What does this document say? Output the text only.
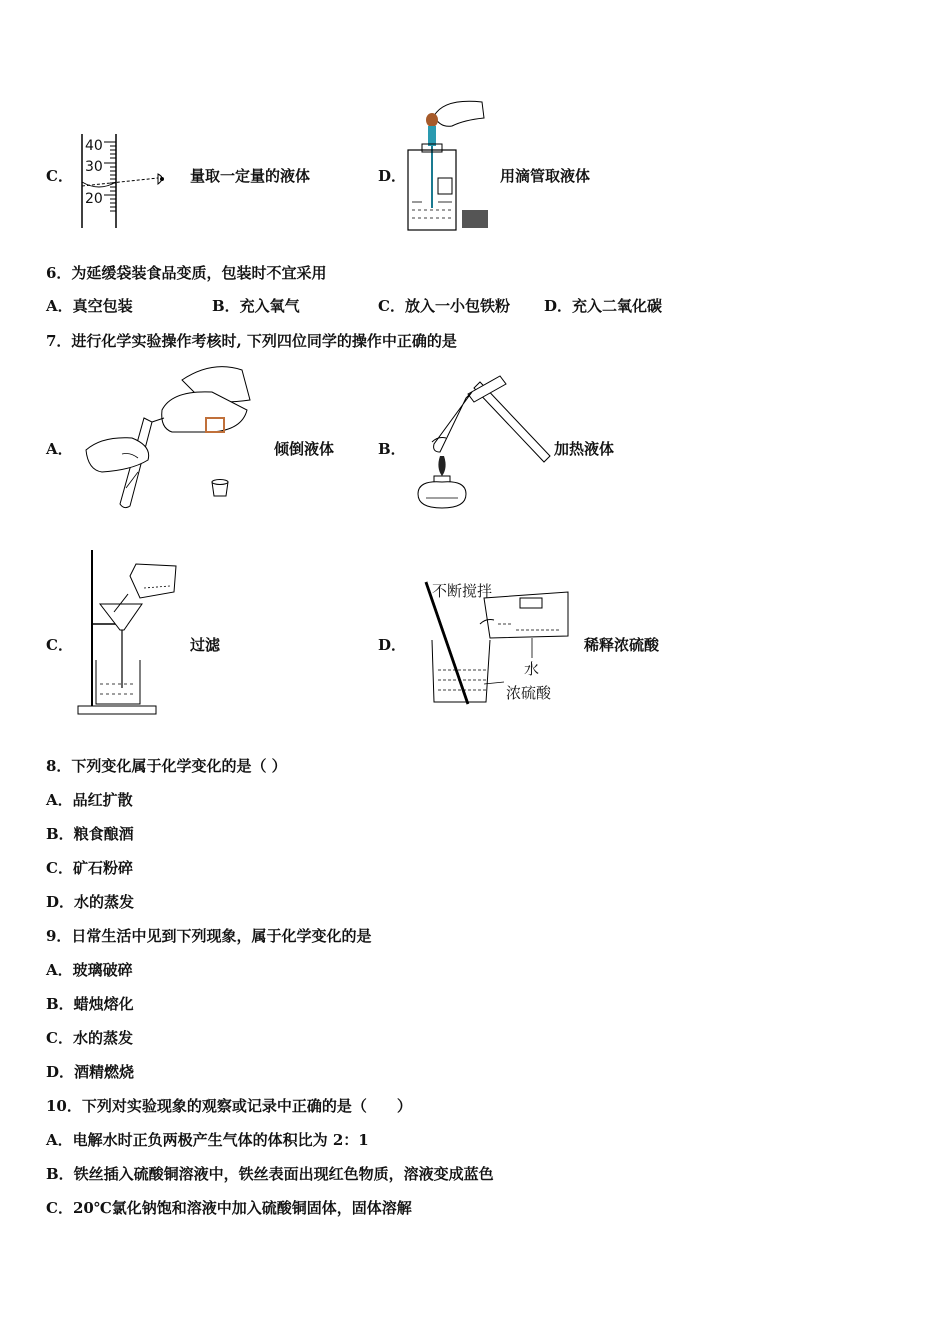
C．
40
30
20
量取一定量的液体	D．	用滴管取液体
6．为延缓袋装食品变质，包装时不宜采用
A．真空包装	B．充入氧气	C．放入一小包铁粉 D．充入二氧化碳
7．进行化学实验操作考核时, 下列四位同学的操作中正确的是
A．	倾倒液体	B．	加热液体
C．	过滤	D．
不断搅拌
水
浓硫酸
稀释浓硫酸
8．下列变化属于化学变化的是（ ）
A．品红扩散
B．粮食酿酒
C．矿石粉碎
D．水的蒸发
9．日常生活中见到下列现象，属于化学变化的是
A．玻璃破碎
B．蜡烛熔化
C．水的蒸发
D．酒精燃烧
10．下列对实验现象的观察或记录中正确的是（　　）
A．电解水时正负两极产生气体的体积比为 2：1
B．铁丝插入硫酸铜溶液中，铁丝表面出现红色物质，溶液变成蓝色
C．20℃氯化钠饱和溶液中加入硫酸铜固体，固体溶解
